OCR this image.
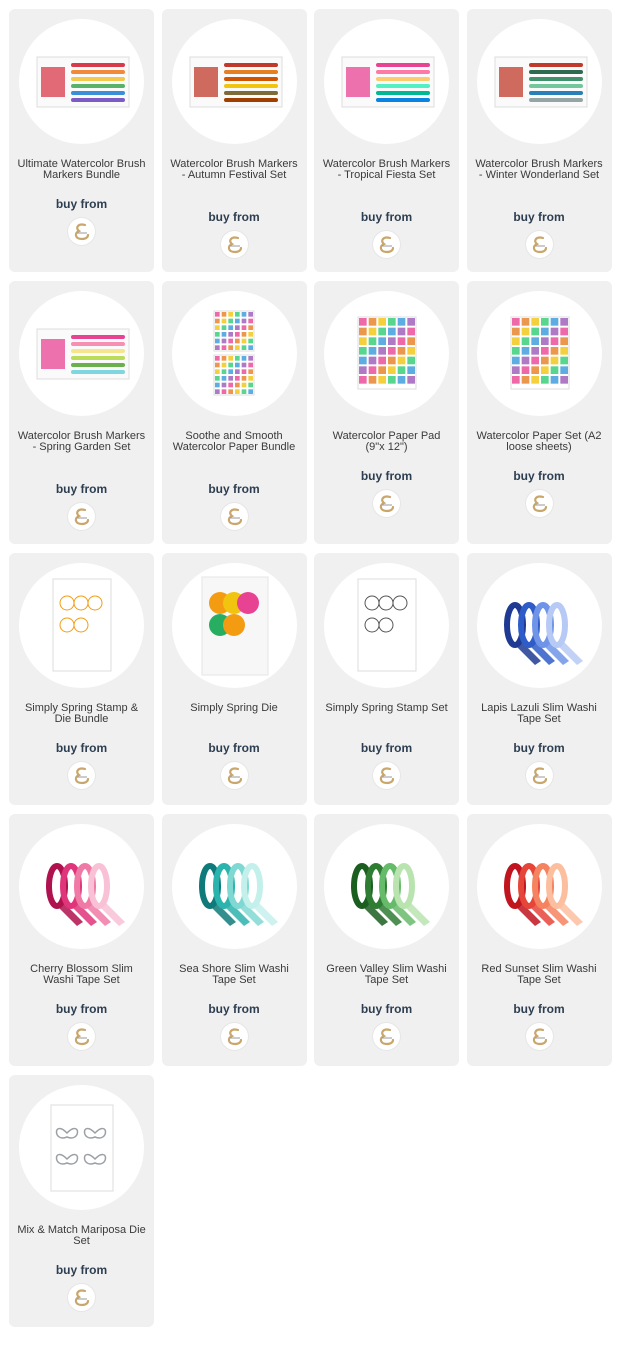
Ultimate Watercolor Brush Markers Bundle
buy from
Watercolor Brush Markers - Autumn Festival Set
buy from
Watercolor Brush Markers - Tropical Fiesta Set
buy from
Watercolor Brush Markers - Winter Wonderland Set
buy from
Watercolor Brush Markers - Spring Garden Set
buy from
Soothe and Smooth Watercolor Paper Bundle
buy from
Watercolor Paper Pad (9"x 12")
buy from
Watercolor Paper Set (A2 loose sheets)
buy from
Simply Spring Stamp & Die Bundle
buy from
Simply Spring Die
buy from
Simply Spring Stamp Set
buy from
Lapis Lazuli Slim Washi Tape Set
buy from
Cherry Blossom Slim Washi Tape Set
buy from
Sea Shore Slim Washi Tape Set
buy from
Green Valley Slim Washi Tape Set
buy from
Red Sunset Slim Washi Tape Set
buy from
Mix & Match Mariposa Die Set
buy from
